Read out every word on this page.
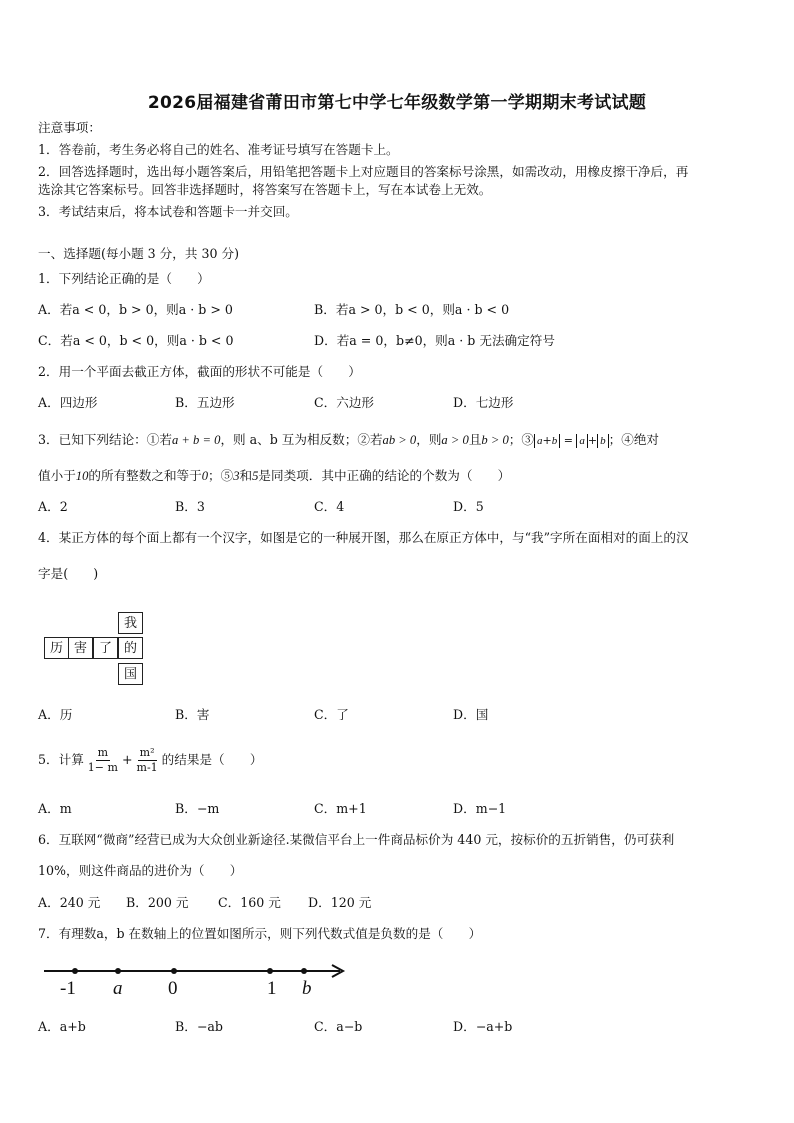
2026届福建省莆田市第七中学七年级数学第一学期期末考试试题
注意事项：
1．答卷前，考生务必将自己的姓名、准考证号填写在答题卡上。
2．回答选择题时，选出每小题答案后，用铅笔把答题卡上对应题目的答案标号涂黑，如需改动，用橡皮擦干净后，再
选涂其它答案标号。回答非选择题时，将答案写在答题卡上，写在本试卷上无效。
3．考试结束后，将本试卷和答题卡一并交回。
一、选择题(每小题 3 分，共 30 分)
1．下列结论正确的是（　　）
A．若a < 0，b > 0，则a · b > 0	B．若a > 0，b < 0，则a · b < 0
C．若a < 0，b < 0，则a · b < 0	D．若a = 0，b≠0，则a · b 无法确定符号
2．用一个平面去截正方体，截面的形状不可能是（　　）
A．四边形	B．五边形	C．六边形	D．七边形
3．已知下列结论：①若a + b = 0，则 a、b 互为相反数；②若ab > 0，则a > 0且b > 0；③ a+b = a + b ；④绝对
值小于10的所有整数之和等于0；⑤3和5是同类项．其中正确的结论的个数为（　　）
A．2	B．3	C．4	D．5
4．某正方体的每个面上都有一个汉字，如图是它的一种展开图，那么在原正方体中，与“我”字所在面相对的面上的汉
字是(　　)
我
历 害 了 的
国
A．历	B．害	C．了	D．国
5．计算 $\frac{m}{1- m} + \frac{\text{m²}}{m-1}$ 的结果是（　　）
A．m	B．−m	C．m+1	D．m−1
6．互联网“微商”经营已成为大众创业新途径.某微信平台上一件商品标价为 440 元，按标价的五折销售，仍可获利
10%，则这件商品的进价为（　　）
A．240 元 B．200 元 C．160 元 D．120 元
7．有理数a，b 在数轴上的位置如图所示，则下列代数式值是负数的是（　　）
-1 a 0	1 b
A．a+b	B．−ab	C．a−b	D．−a+b
